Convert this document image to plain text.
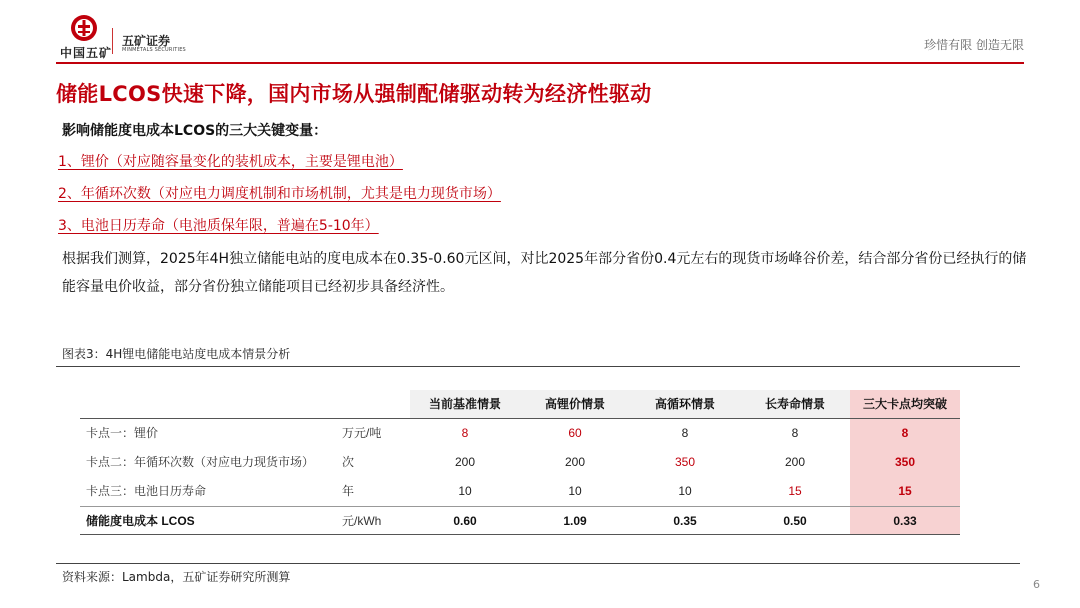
中国五矿
五矿证券
MINMETALS SECURITIES	珍惜有限 创造无限
储能LCOS快速下降，国内市场从强制配储驱动转为经济性驱动
影响储能度电成本LCOS的三大关键变量：
1、锂价（对应随容量变化的装机成本，主要是锂电池）
2、年循环次数（对应电力调度机制和市场机制，尤其是电力现货市场）
3、电池日历寿命（电池质保年限，普遍在5-10年）
根据我们测算，2025年4H独立储能电站的度电成本在0.35-0.60元区间，对比2025年部分省份0.4元左右的现货市场峰谷价差，结合部分省份已经执行的储能容量电价收益，部分省份独立储能项目已经初步具备经济性。
图表3：4H锂电储能电站度电成本情景分析
当前基准情景	高锂价情景	高循环情景	长寿命情景	三大卡点均突破
卡点一：锂价	万元/吨	8	60	8	8	8
卡点二：年循环次数（对应电力现货市场） 次	200	200	350	200	350
卡点三：电池日历寿命	年	10	10	10	15	15
储能度电成本 LCOS	元/kWh	0.60	1.09	0.35	0.50	0.33
资料来源：Lambda，五矿证券研究所测算
6
